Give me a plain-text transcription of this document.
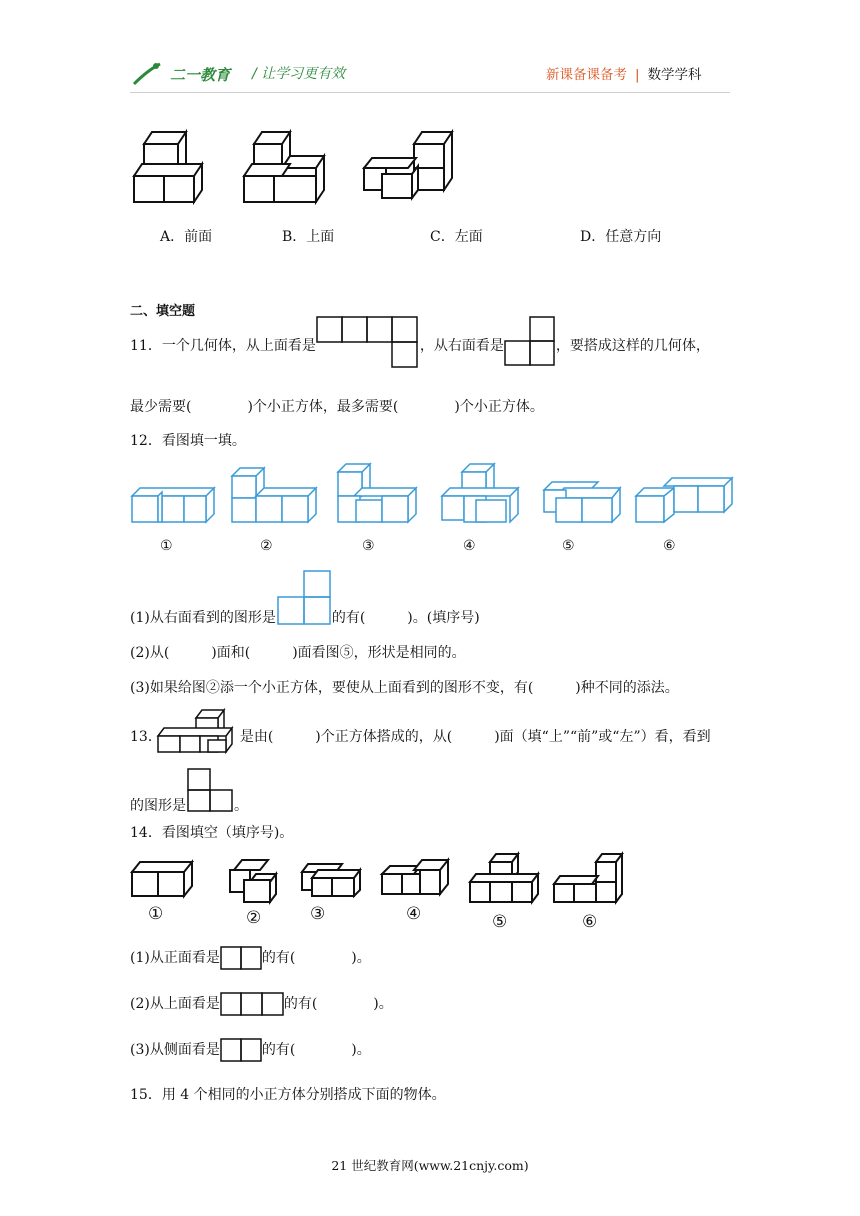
二一教育 / 让学习更有效	新课备课备考 | 数学学科
A．前面	B．上面	C．左面	D．任意方向
二、填空题
11．一个几何体，从上面看是	，从右面看是	，要搭成这样的几何体，
最少需要(　　　　)个小正方体，最多需要(　　　　)个小正方体。
12．看图填一填。
①	②	③	④	⑤	⑥
(1)从右面看到的图形是	的有(　　　)。(填序号)
(2)从(　　　)面和(　　　)面看图⑤，形状是相同的。
(3)如果给图②添一个小正方体，要使从上面看到的图形不变，有(　　　)种不同的添法。
13．	是由(　　　)个正方体搭成的，从(　　　)面（填“上”“前”或“左”）看，看到
的图形是	。
14．看图填空（填序号)。
①	②	③	④	⑤	⑥
(1)从正面看是	的有(　　　　)。
(2)从上面看是	的有(　　　　)。
(3)从侧面看是	的有(　　　　)。
15．用 4 个相同的小正方体分别搭成下面的物体。
21 世纪教育网(www.21cnjy.com)
